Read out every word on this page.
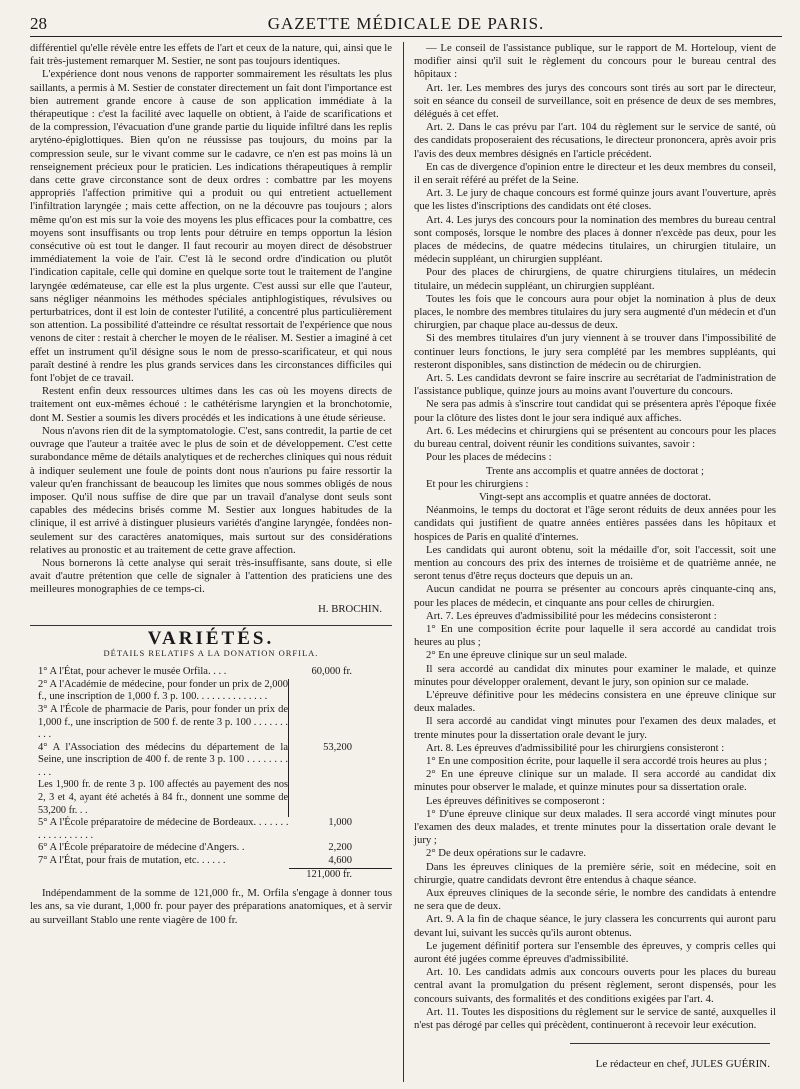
28	GAZETTE MÉDICALE DE PARIS.

différentiel qu'elle révèle entre les effets de l'art et ceux de la nature, qui, ainsi que le fait très-justement remarquer M. Sestier, ne sont pas toujours identiques.

L'expérience dont nous venons de rapporter sommairement les résultats les plus saillants, a permis à M. Sestier de constater directement un fait dont l'importance est bien autrement grande encore à cause de son application immédiate à la thérapeutique : c'est la facilité avec laquelle on obtient, à l'aide de scarifications et de la compression, l'évacuation d'une grande partie du liquide infiltré dans les replis aryténo-épiglottiques. Bien qu'on ne réussisse pas toujours, du moins par la compression seule, sur le vivant comme sur le cadavre, ce n'en est pas moins là un renseignement précieux pour le praticien. Les indications thérapeutiques à remplir dans cette grave circonstance sont de deux ordres : combattre par les moyens appropriés l'affection primitive qui a produit ou qui entretient actuellement l'infiltration laryngée ; mais cette affection, on ne la découvre pas toujours ; alors même qu'on est mis sur la voie des moyens les plus efficaces pour la combattre, ces moyens sont insuffisants ou trop lents pour détruire en temps opportun la lésion consécutive où est tout le danger. Il faut recourir au moyen direct de désobstruer immédiatement la voie de l'air. C'est là le second ordre d'indication ou plutôt l'indication capitale, celle qui domine en quelque sorte tout le traitement de l'angine laryngée œdémateuse, car elle est la plus urgente. C'est aussi sur elle que l'auteur, sans négliger néanmoins les méthodes spéciales antiphlogistiques, révulsives ou perturbatrices, dont il est loin de contester l'utilité, a concentré plus particulièrement son attention. La possibilité d'atteindre ce résultat ressortait de l'expérience que nous venons de citer : restait à chercher le moyen de le réaliser. M. Sestier a imaginé à cet effet un instrument qu'il désigne sous le nom de presso-scarificateur, et qui nous paraît destiné à rendre les plus grands services dans les circonstances difficiles qui font l'objet de ce travail.

Restent enfin deux ressources ultimes dans les cas où les moyens directs de traitement ont eux-mêmes échoué : le cathétérisme laryngien et la bronchotomie, dont M. Sestier a soumis les divers procédés et les indications à une étude sérieuse.

Nous n'avons rien dit de la symptomatologie. C'est, sans contredit, la partie de cet ouvrage que l'auteur a traitée avec le plus de soin et de développement. C'est cette surabondance même de détails analytiques et de recherches cliniques qui nous réduit à indiquer seulement une foule de points dont nous n'aurions pu faire ressortir la valeur qu'en franchissant de beaucoup les limites que nous sommes obligés de nous imposer. Qu'il nous suffise de dire que par un travail d'analyse dont seuls sont capables des médecins brisés comme M. Sestier aux longues habitudes de la clinique, il est arrivé à distinguer plusieurs variétés d'angine laryngée, fondées non-seulement sur des caractères anatomiques, mais surtout sur des considérations relatives au pronostic et au traitement de cette grave affection.

Nous bornerons là cette analyse qui serait très-insuffisante, sans doute, si elle avait d'autre prétention que celle de signaler à l'attention des praticiens une des meilleures monographies de ce temps-ci.

H. BROCHIN.
VARIÉTÉS.
DÉTAILS RELATIFS A LA DONATION ORFILA.
1° A l'État, pour achever le musée Orfila. . . .	60,000 fr.
2° A l'Académie de médecine, pour fonder un prix de 2,000 f., une inscription de 1,000 f. 3 p. 100. . . . . . . . . . . . . .	
3° A l'École de pharmacie de Paris, pour fonder un prix de 1,000 f., une inscription de 500 f. de rente 3 p. 100 . . . . . . . . . .	
4° A l'Association des médecins du département de la Seine, une inscription de 400 f. de rente 3 p. 100 . . . . . . . . . . .	53,200
Les 1,900 fr. de rente 3 p. 100 affectés au payement des nos 2, 3 et 4, ayant été achetés à 84 fr., donnent une somme de 53,200 fr. . .	
5° A l'École préparatoire de médecine de Bordeaux. . . . . . . . . . . . . . . . . .	1,000
6° A l'École préparatoire de médecine d'Angers. .	2,200
7° A l'État, pour frais de mutation, etc. . . . . .	4,600
	121,000 fr.

Indépendamment de la somme de 121,000 fr., M. Orfila s'engage à donner tous les ans, sa vie durant, 1,000 fr. pour payer des préparations anatomiques, et à servir au surveillant Stablo une rente viagère de 100 fr.

— Le conseil de l'assistance publique, sur le rapport de M. Horteloup, vient de modifier ainsi qu'il suit le règlement du concours pour le bureau central des hôpitaux :

Art. 1er. Les membres des jurys des concours sont tirés au sort par le directeur, soit en séance du conseil de surveillance, soit en présence de deux de ses membres, délégués à cet effet.

Art. 2. Dans le cas prévu par l'art. 104 du règlement sur le service de santé, où des candidats proposeraient des récusations, le directeur prononcera, après avoir pris l'avis des deux membres désignés en l'article précédent.

En cas de divergence d'opinion entre le directeur et les deux membres du conseil, il en serait référé au préfet de la Seine.

Art. 3. Le jury de chaque concours est formé quinze jours avant l'ouverture, après que les listes d'inscriptions des candidats ont été closes.

Art. 4. Les jurys des concours pour la nomination des membres du bureau central sont composés, lorsque le nombre des places à donner n'excède pas deux, pour les places de médecins, de quatre médecins titulaires, un chirurgien titulaire, un médecin suppléant, un chirurgien suppléant.

Pour des places de chirurgiens, de quatre chirurgiens titulaires, un médecin titulaire, un médecin suppléant, un chirurgien suppléant.

Toutes les fois que le concours aura pour objet la nomination à plus de deux places, le nombre des membres titulaires du jury sera augmenté d'un médecin et d'un chirurgien, par chaque place au-dessus de deux.

Si des membres titulaires d'un jury viennent à se trouver dans l'impossibilité de continuer leurs fonctions, le jury sera complété par les membres suppléants, qui resteront disponibles, sans distinction de médecin ou de chirurgien.

Art. 5. Les candidats devront se faire inscrire au secrétariat de l'administration de l'assistance publique, quinze jours au moins avant l'ouverture du concours.

Ne sera pas admis à s'inscrire tout candidat qui se présentera après l'époque fixée pour la clôture des listes dont le jour sera indiqué aux affiches.

Art. 6. Les médecins et chirurgiens qui se présentent au concours pour les places du bureau central, doivent réunir les conditions suivantes, savoir :

Pour les places de médecins :

Trente ans accomplis et quatre années de doctorat ;

Et pour les chirurgiens :

Vingt-sept ans accomplis et quatre années de doctorat.

Néanmoins, le temps du doctorat et l'âge seront réduits de deux années pour les candidats qui justifient de quatre années entières passées dans les hôpitaux et hospices de Paris en qualité d'internes.

Les candidats qui auront obtenu, soit la médaille d'or, soit l'accessit, soit une mention au concours des prix des internes de troisième et de quatrième année, ne seront tenus d'être reçus docteurs que depuis un an.

Aucun candidat ne pourra se présenter au concours après cinquante-cinq ans, pour les places de médecin, et cinquante ans pour celles de chirurgien.

Art. 7. Les épreuves d'admissibilité pour les médecins consisteront :

1° En une composition écrite pour laquelle il sera accordé au candidat trois heures au plus ;

2° En une épreuve clinique sur un seul malade.

Il sera accordé au candidat dix minutes pour examiner le malade, et quinze minutes pour développer oralement, devant le jury, son opinion sur ce malade.

L'épreuve définitive pour les médecins consistera en une épreuve clinique sur deux malades.

Il sera accordé au candidat vingt minutes pour l'examen des deux malades, et trente minutes pour la dissertation orale devant le jury.

Art. 8. Les épreuves d'admissibilité pour les chirurgiens consisteront :

1° En une composition écrite, pour laquelle il sera accordé trois heures au plus ;

2° En une épreuve clinique sur un malade. Il sera accordé au candidat dix minutes pour observer le malade, et quinze minutes pour sa dissertation orale.

Les épreuves définitives se composeront :

1° D'une épreuve clinique sur deux malades. Il sera accordé vingt minutes pour l'examen des deux malades, et trente minutes pour la dissertation orale devant le jury ;

2° De deux opérations sur le cadavre.

Dans les épreuves cliniques de la première série, soit en médecine, soit en chirurgie, quatre candidats devront être entendus à chaque séance.

Aux épreuves cliniques de la seconde série, le nombre des candidats à entendre ne sera que de deux.

Art. 9. A la fin de chaque séance, le jury classera les concurrents qui auront paru devant lui, suivant les succès qu'ils auront obtenus.

Le jugement définitif portera sur l'ensemble des épreuves, y compris celles qui auront été jugées comme épreuves d'admissibilité.

Art. 10. Les candidats admis aux concours ouverts pour les places du bureau central avant la promulgation du présent règlement, seront dispensés, pour les concours suivants, des formalités et des conditions exigées par l'art. 4.

Art. 11. Toutes les dispositions du règlement sur le service de santé, auxquelles il n'est pas dérogé par celles qui précèdent, continueront à recevoir leur exécution.

Le rédacteur en chef, JULES GUÉRIN.
